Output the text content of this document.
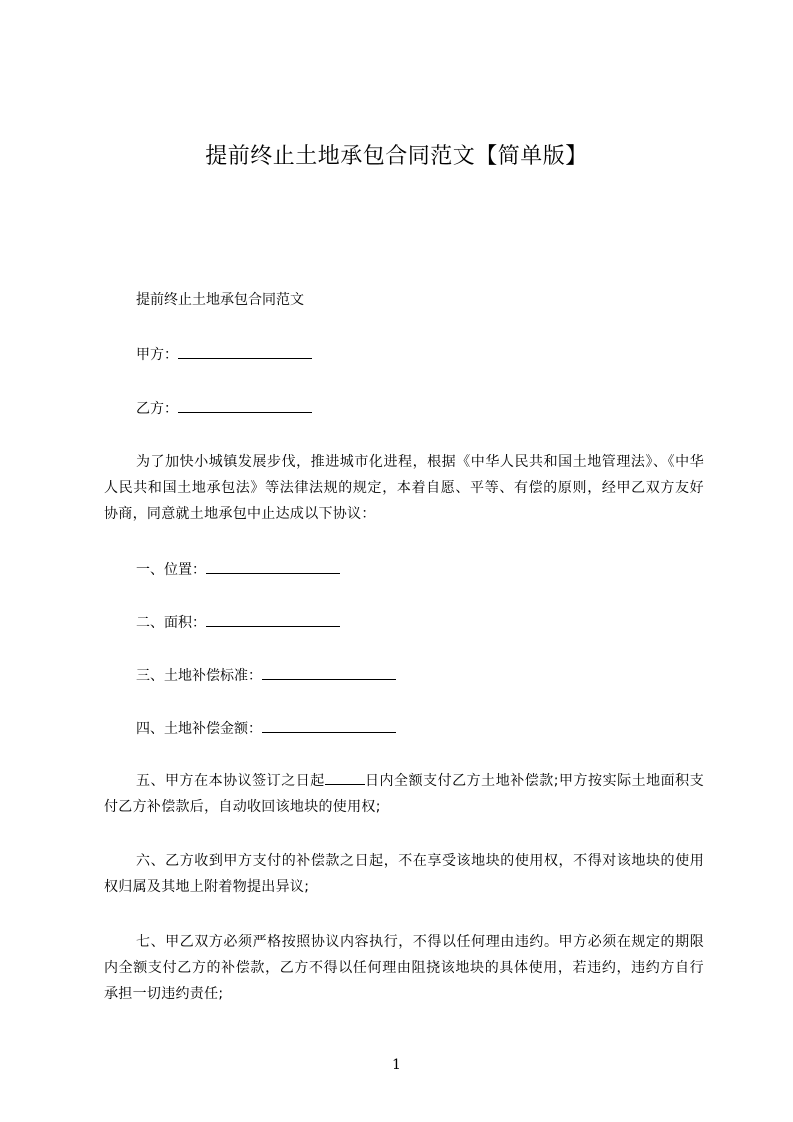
提前终止土地承包合同范文【简单版】
提前终止土地承包合同范文
甲方：
乙方：
为了加快小城镇发展步伐，推进城市化进程，根据《中华人民共和国土地管理法》、《中华人民共和国土地承包法》等法律法规的规定，本着自愿、平等、有偿的原则，经甲乙双方友好协商，同意就土地承包中止达成以下协议：
一、位置：
二、面积：
三、土地补偿标准：
四、土地补偿金额：
五、甲方在本协议签订之日起	日内全额支付乙方土地补偿款;甲方按实际土地面积支付乙方补偿款后，自动收回该地块的使用权;
六、乙方收到甲方支付的补偿款之日起，不在享受该地块的使用权，不得对该地块的使用权归属及其地上附着物提出异议;
七、甲乙双方必须严格按照协议内容执行，不得以任何理由违约。甲方必须在规定的期限内全额支付乙方的补偿款，乙方不得以任何理由阻挠该地块的具体使用，若违约，违约方自行承担一切违约责任;
1
